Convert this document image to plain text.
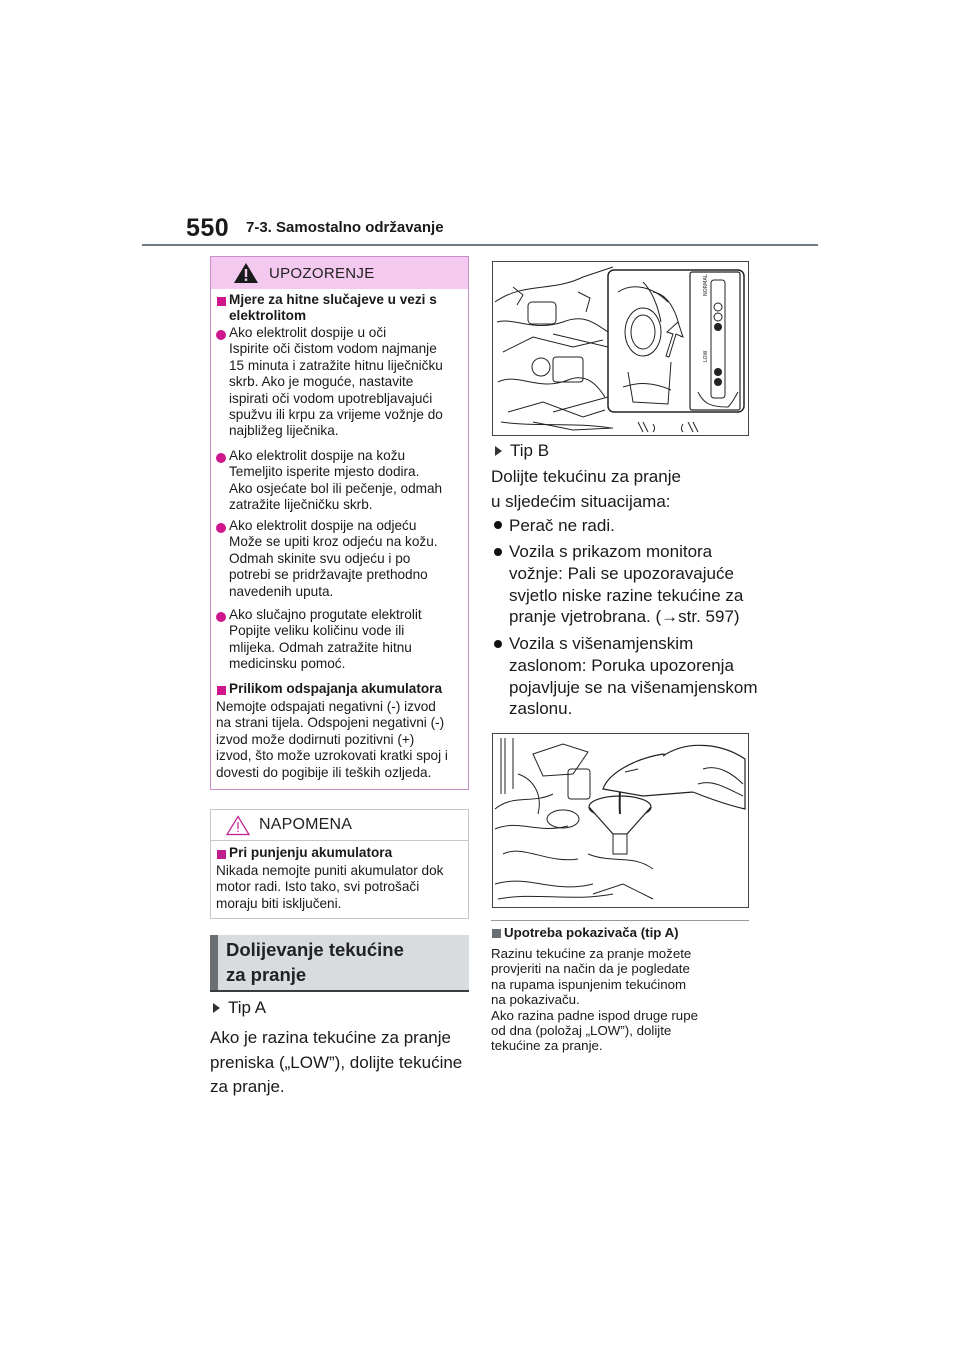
550 7-3. Samostalno održavanje
UPOZORENJE
Mjere za hitne slučajeve u vezi s
elektrolitom
Ako elektrolit dospije u oči
Ispirite oči čistom vodom najmanje
15 minuta i zatražite hitnu liječničku
skrb. Ako je moguće, nastavite
ispirati oči vodom upotrebljavajući
spužvu ili krpu za vrijeme vožnje do
najbližeg liječnika.
Ako elektrolit dospije na kožu
Temeljito isperite mjesto dodira.
Ako osjećate bol ili pečenje, odmah
zatražite liječničku skrb.
Ako elektrolit dospije na odjeću
Može se upiti kroz odjeću na kožu.
Odmah skinite svu odjeću i po
potrebi se pridržavajte prethodno
navedenih uputa.
Ako slučajno progutate elektrolit
Popijte veliku količinu vode ili
mlijeka. Odmah zatražite hitnu
medicinsku pomoć.
Prilikom odspajanja akumulatora
Nemojte odspajati negativni (-) izvod
na strani tijela. Odspojeni negativni (-)
izvod može dodirnuti pozitivni (+)
izvod, što može uzrokovati kratki spoj i
dovesti do pogibije ili teških ozljeda.
NAPOMENA
Pri punjenju akumulatora
Nikada nemojte puniti akumulator dok
motor radi. Isto tako, svi potrošači
moraju biti isključeni.
Dolijevanje tekućine
za pranje
Tip A
Ako je razina tekućine za pranje
preniska („LOW”), dolijte tekućine
za pranje.
NORMAL
LOW
Tip B
Dolijte tekućinu za pranje
u sljedećim situacijama:
Perač ne radi.
Vozila s prikazom monitora
vožnje: Pali se upozoravajuće
svjetlo niske razine tekućine za
pranje vjetrobrana. (→str. 597)
Vozila s višenamjenskim
zaslonom: Poruka upozorenja
pojavljuje se na višenamjenskom
zaslonu.
Upotreba pokazivača (tip A)
Razinu tekućine za pranje možete
provjeriti na način da je pogledate
na rupama ispunjenim tekućinom
na pokazivaču.
Ako razina padne ispod druge rupe
od dna (položaj „LOW”), dolijte
tekućine za pranje.
